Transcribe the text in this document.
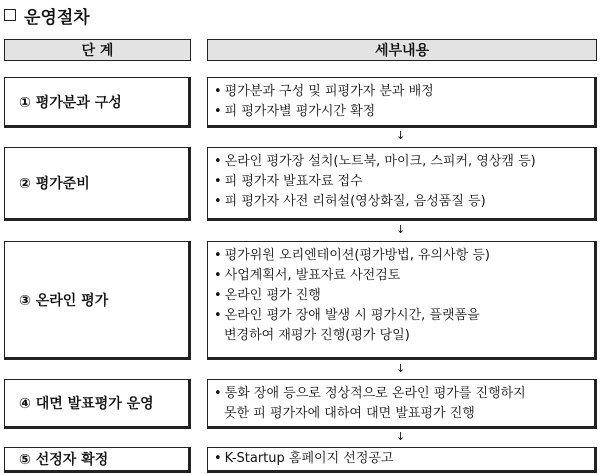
운영절차
단 계	세부내용
① 평가분과 구성
• 평가분과 구성 및 피평가자 분과 배정
• 피 평가자별 평가시간 확정
↓
② 평가준비
• 온라인 평가장 설치(노트북, 마이크, 스피커, 영상캠 등)
• 피 평가자 발표자료 접수
• 피 평가자 사전 리허설(영상화질, 음성품질 등)
↓
③ 온라인 평가
• 평가위원 오리엔테이션(평가방법, 유의사항 등)
• 사업계획서, 발표자료 사전검토
• 온라인 평가 진행
• 온라인 평가 장애 발생 시 평가시간, 플랫폼을
변경하여 재평가 진행(평가 당일)
↓
④ 대면 발표평가 운영
• 통화 장애 등으로 정상적으로 온라인 평가를 진행하지
못한 피 평가자에 대하여 대면 발표평가 진행
↓
⑤ 선정자 확정
•	K-Startup 홈페이지 선정공고
